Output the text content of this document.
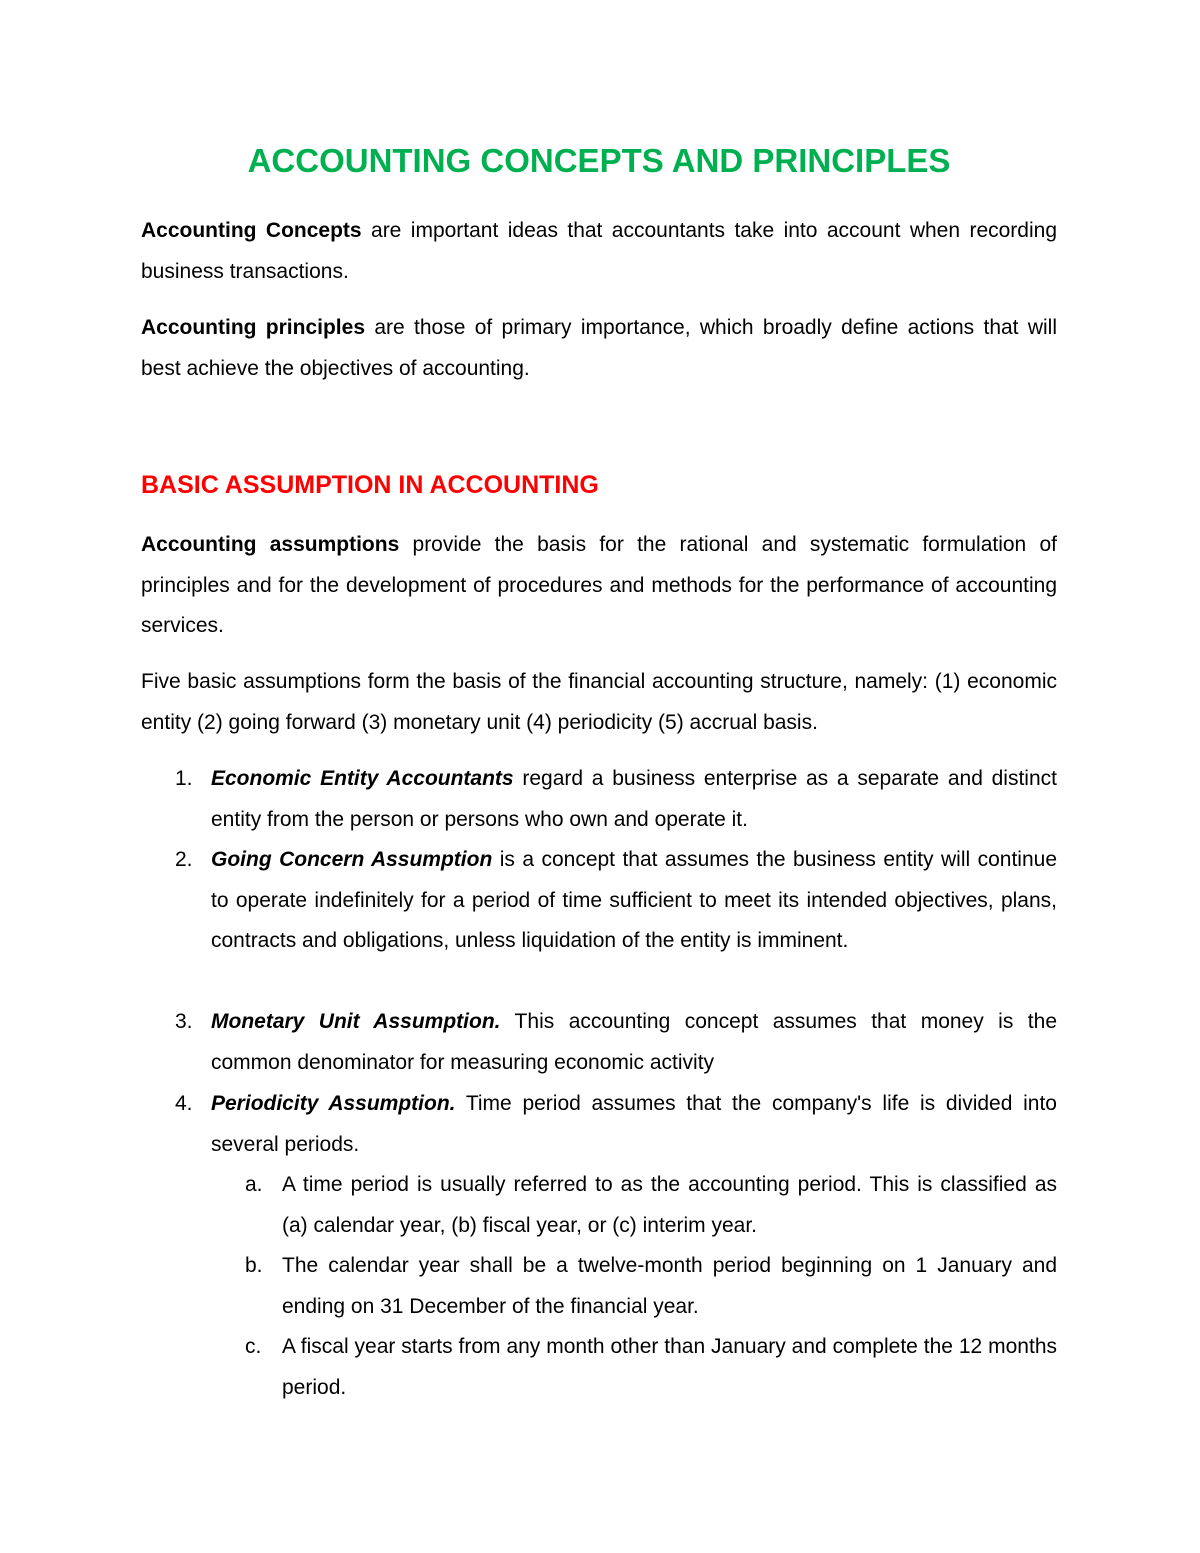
ACCOUNTING CONCEPTS AND PRINCIPLES

Accounting Concepts are important ideas that accountants take into account when recording business transactions.

Accounting principles are those of primary importance, which broadly define actions that will best achieve the objectives of accounting.

BASIC ASSUMPTION IN ACCOUNTING

Accounting assumptions provide the basis for the rational and systematic formulation of principles and for the development of procedures and methods for the performance of accounting services.

Five basic assumptions form the basis of the financial accounting structure, namely: (1) economic entity (2) going forward (3) monetary unit (4) periodicity (5) accrual basis.

1. Economic Entity Accountants regard a business enterprise as a separate and distinct entity from the person or persons who own and operate it.
2. Going Concern Assumption is a concept that assumes the business entity will continue to operate indefinitely for a period of time sufficient to meet its intended objectives, plans, contracts and obligations, unless liquidation of the entity is imminent.
3. Monetary Unit Assumption. This accounting concept assumes that money is the common denominator for measuring economic activity
4. Periodicity Assumption. Time period assumes that the company's life is divided into several periods.
a. A time period is usually referred to as the accounting period. This is classified as (a) calendar year, (b) fiscal year, or (c) interim year.
b. The calendar year shall be a twelve-month period beginning on 1 January and ending on 31 December of the financial year.
c. A fiscal year starts from any month other than January and complete the 12 months period.
